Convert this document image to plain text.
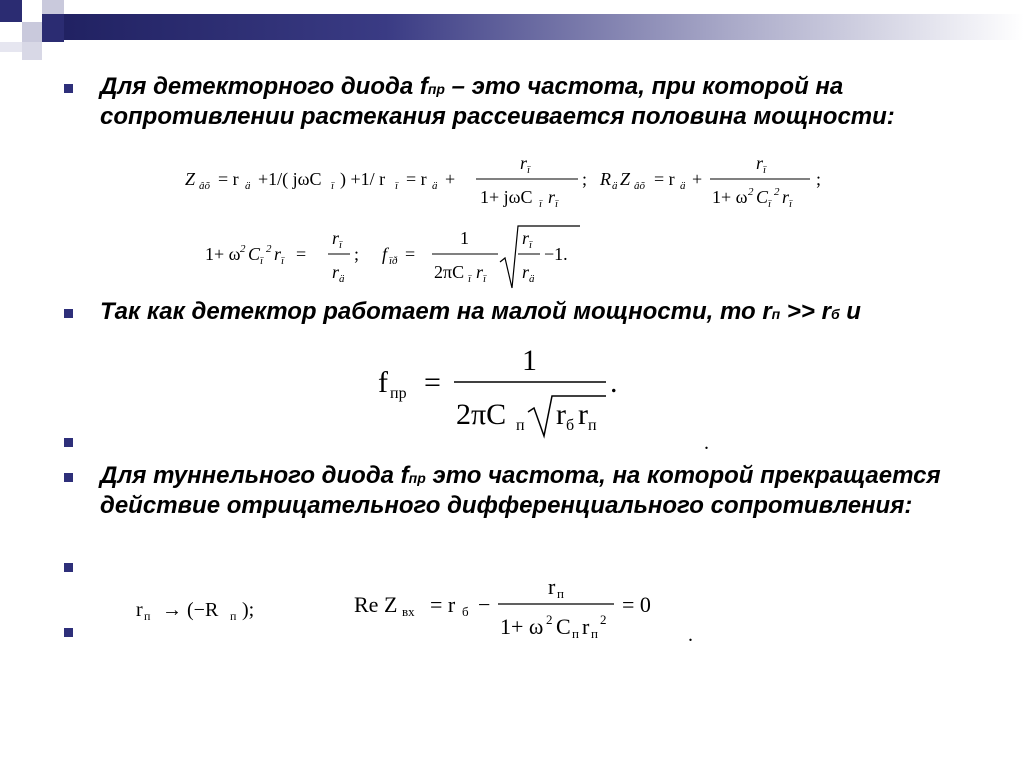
Для детекторного диода fпр – это частота, при которой на сопротивлении растекания рассеивается половина мощности:
Z âõ = r ä +1/( jωC ï ) +1/ r ï = r ä +
r ï
1+ jωC ï r ï
; R ä Z âõ = r ä +
r ï
1+ ω 2 C ï
2 r ï
;
1+ ω 2 C ï
2 r ï =
r ï
r ä
; f ïð =
1
2πC ï r ï
r ï
r ä
−1.
Так как детектор работает на малой мощности, то rп >> rб и
f пр =
1
2πC п r б r п
.
.
Для туннельного диода fпр это частота, на которой прекращается действие отрицательного дифференциального сопротивления:
r п → (−R п );	Re Z вх = r б −
r п
1+ ω 2 C п r п
2
= 0
.
